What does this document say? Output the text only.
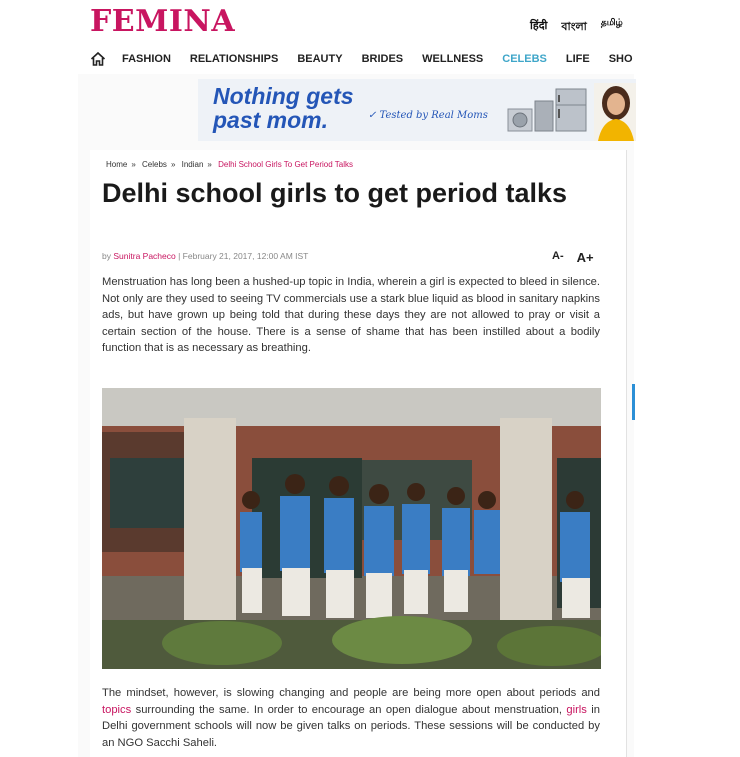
FEMINA	हिंदी বাংলা தமிழ்
FASHION RELATIONSHIPS BEAUTY BRIDES WELLNESS CELEBS LIFE SHO
Nothing gets
past mom.	✓ Tested by Real Moms
Home » Celebs » Indian » Delhi School Girls To Get Period Talks
Delhi school girls to get period talks
by Sunitra Pacheco | February 21, 2017, 12:00 AM IST	A- A+

Menstruation has long been a hushed-up topic in India, wherein a girl is expected to bleed in silence. Not only are they used to seeing TV commercials use a stark blue liquid as blood in sanitary napkins ads, but have grown up being told that during these days they are not allowed to pray or visit a certain section of the house. There is a sense of shame that has been instilled about a bodily function that is as necessary as breathing.

The mindset, however, is slowing changing and people are being more open about periods and topics surrounding the same. In order to encourage an open dialogue about menstruation, girls in Delhi government schools will now be given talks on periods. These sessions will be conducted by an NGO Sacchi Saheli.
